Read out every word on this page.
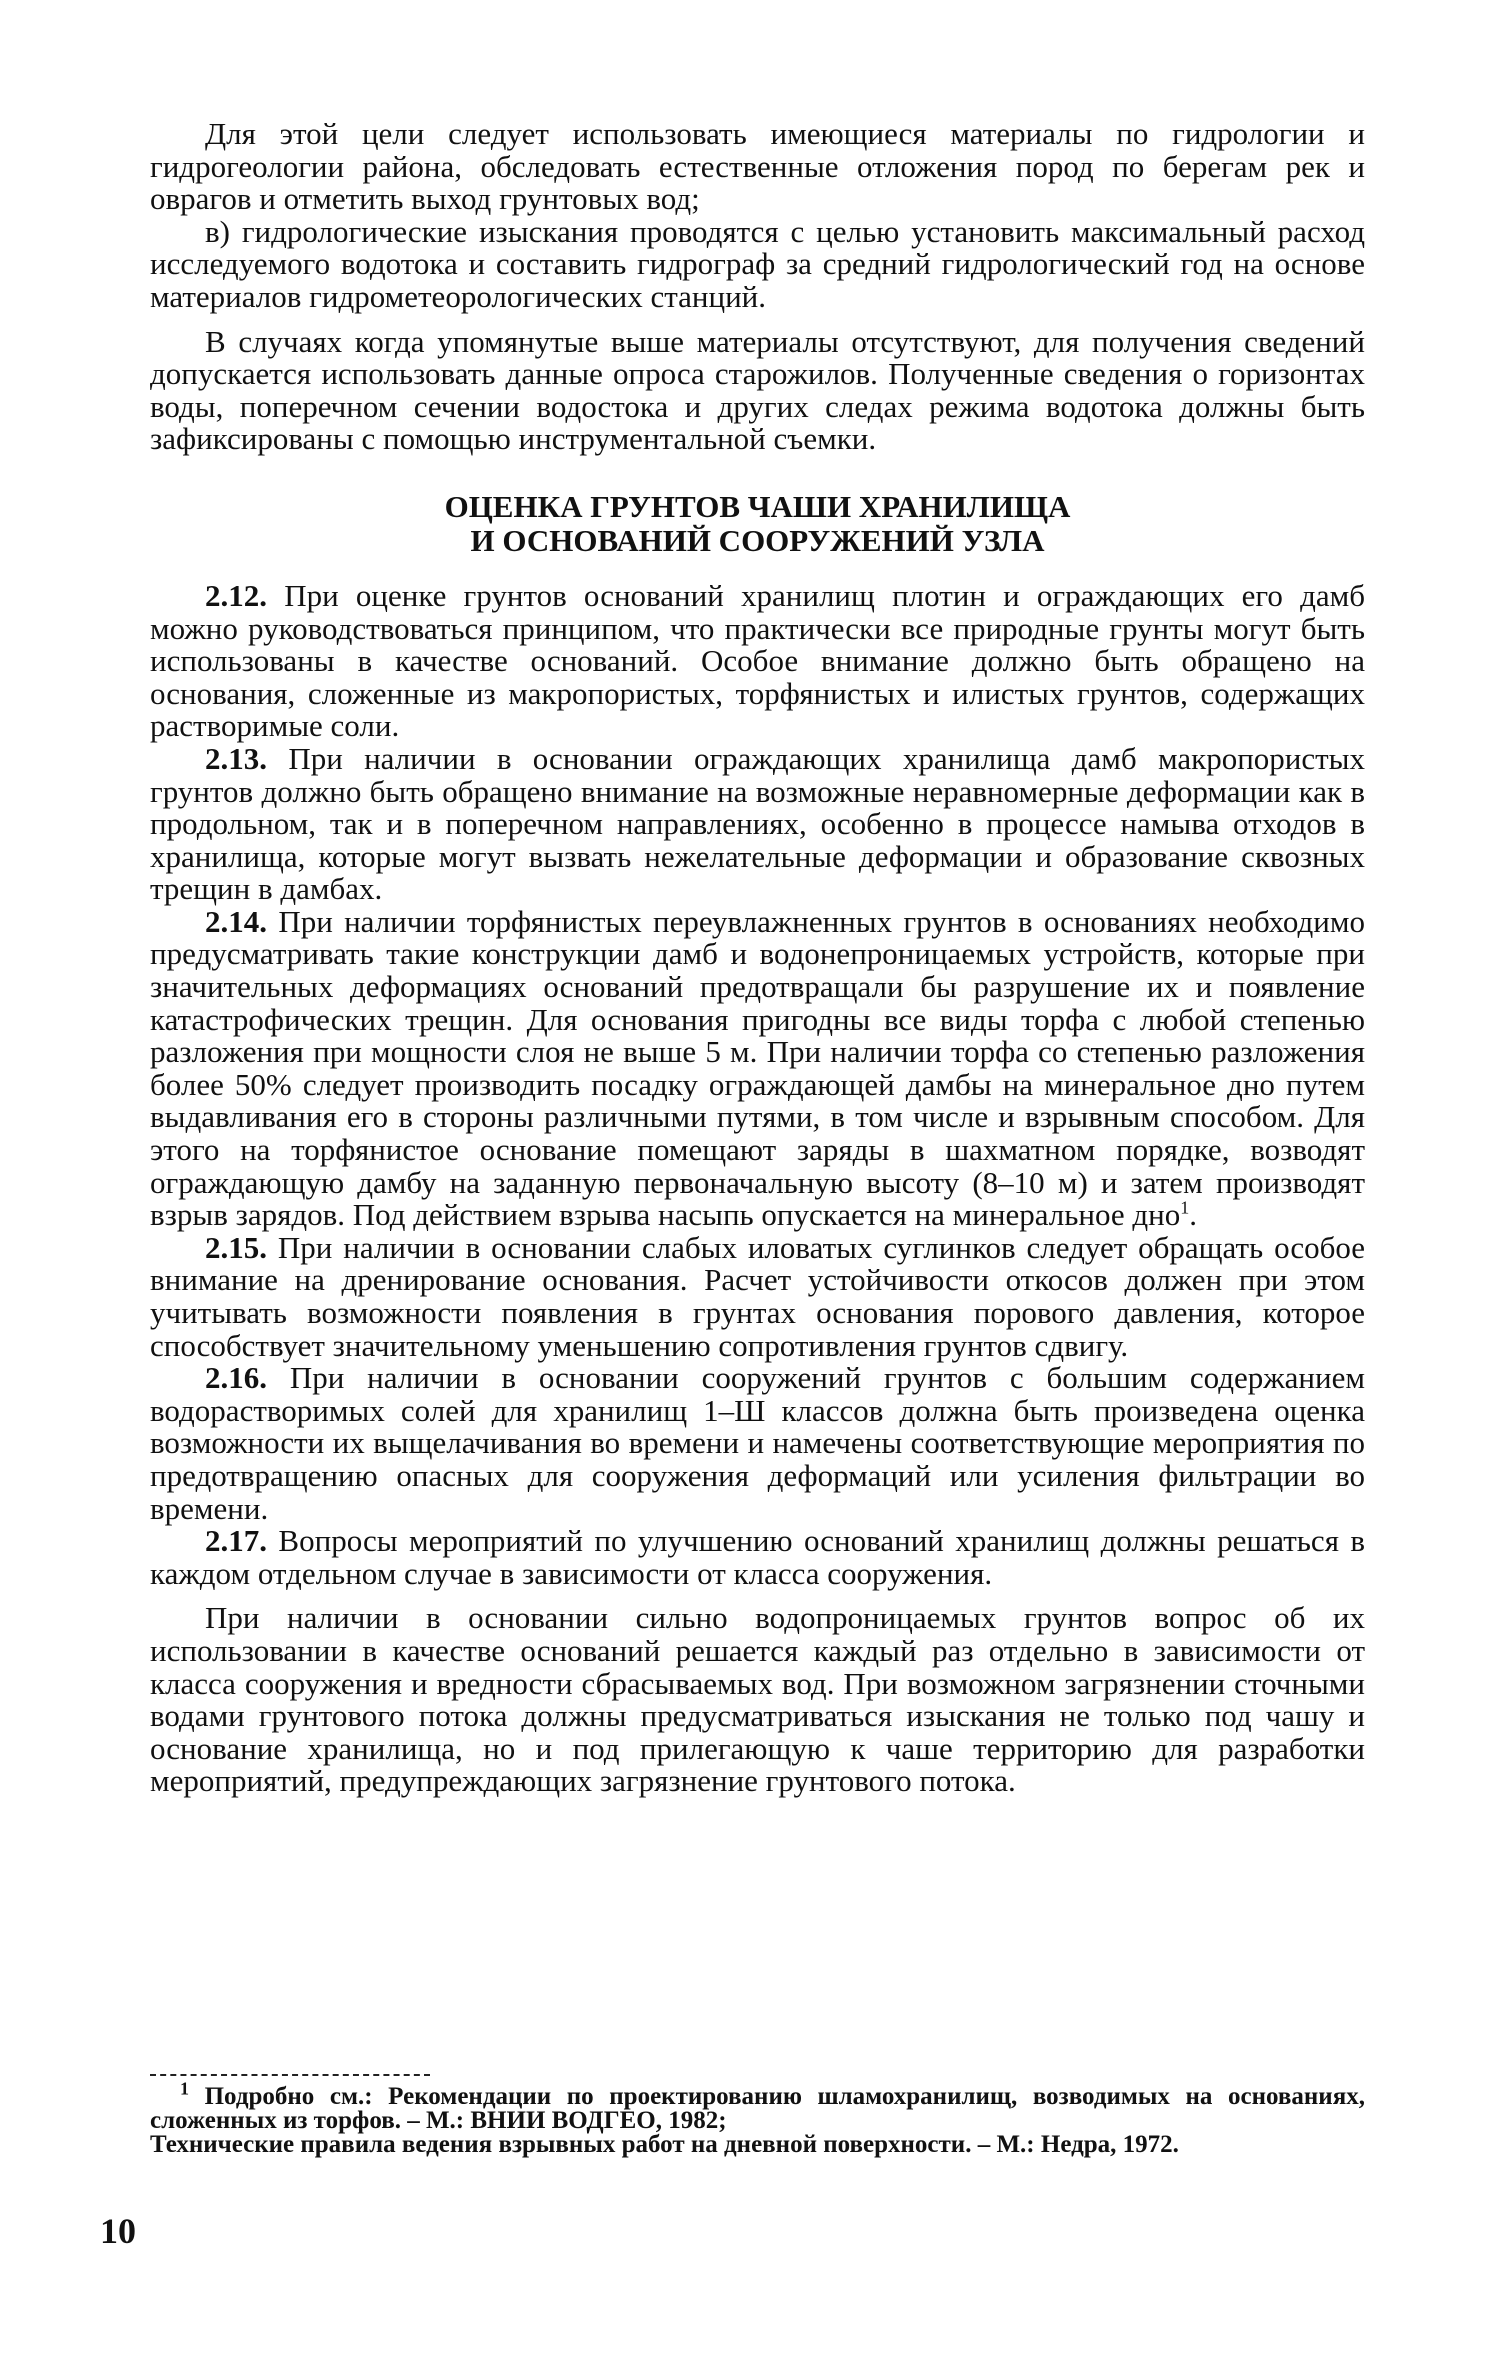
Для этой цели следует использовать имеющиеся материалы по гидрологии и гидрогеологии района, обследовать естественные отложения пород по берегам рек и оврагов и отметить выход грунтовых вод;

в) гидрологические изыскания проводятся с целью установить максимальный расход исследуемого водотока и составить гидрограф за средний гидрологический год на основе материалов гидрометеорологических станций.

В случаях когда упомянутые выше материалы отсутствуют, для получения сведений допускается использовать данные опроса старожилов. Полученные сведения о горизонтах воды, поперечном сечении водостока и других следах режима водотока должны быть зафиксированы с помощью инструментальной съемки.

ОЦЕНКА ГРУНТОВ ЧАШИ ХРАНИЛИЩА
И ОСНОВАНИЙ СООРУЖЕНИЙ УЗЛА

2.12. При оценке грунтов оснований хранилищ плотин и ограждающих его дамб можно руководствоваться принципом, что практически все природные грунты могут быть использованы в качестве оснований. Особое внимание должно быть обращено на основания, сложенные из макропористых, торфянистых и илистых грунтов, содержащих растворимые соли.

2.13. При наличии в основании ограждающих хранилища дамб макропористых грунтов должно быть обращено внимание на возможные неравномерные деформации как в продольном, так и в поперечном направлениях, особенно в процессе намыва отходов в хранилища, которые могут вызвать нежелательные деформации и образование сквозных трещин в дамбах.

2.14. При наличии торфянистых переувлажненных грунтов в основаниях необходимо предусматривать такие конструкции дамб и водонепроницаемых устройств, которые при значительных деформациях оснований предотвращали бы разрушение их и появление катастрофических трещин. Для основания пригодны все виды торфа с любой степенью разложения при мощности слоя не выше 5 м. При наличии торфа со степенью разложения более 50% следует производить посадку ограждающей дамбы на минеральное дно путем выдавливания его в стороны различными путями, в том числе и взрывным способом. Для этого на торфянистое основание помещают заряды в шахматном порядке, возводят ограждающую дамбу на заданную первоначальную высоту (8–10 м) и затем производят взрыв зарядов. Под действием взрыва насыпь опускается на минеральное дно$^1$.

2.15. При наличии в основании слабых иловатых суглинков следует обращать особое внимание на дренирование основания. Расчет устойчивости откосов должен при этом учитывать возможности появления в грунтах основания порового давления, которое способствует значительному уменьшению сопротивления грунтов сдвигу.

2.16. При наличии в основании сооружений грунтов с большим содержанием водорастворимых солей для хранилищ 1–Ш классов должна быть произведена оценка возможности их выщелачивания во времени и намечены соответствующие мероприятия по предотвращению опасных для сооружения деформаций или усиления фильтрации во времени.

2.17. Вопросы мероприятий по улучшению оснований хранилищ должны решаться в каждом отдельном случае в зависимости от класса сооружения.

При наличии в основании сильно водопроницаемых грунтов вопрос об их использовании в качестве оснований решается каждый раз отдельно в зависимости от класса сооружения и вредности сбрасываемых вод. При возможном загрязнении сточными водами грунтового потока должны предусматриваться изыскания не только под чашу и основание хранилища, но и под прилегающую к чаше территорию для разработки мероприятий, предупреждающих загрязнение грунтового потока.

$^1$ Подробно см.: Рекомендации по проектированию шламохранилищ, возводимых на основаниях, сложенных из торфов. – М.: ВНИИ ВОДГЕО, 1982;

Технические правила ведения взрывных работ на дневной поверхности. – М.: Недра, 1972.

10
